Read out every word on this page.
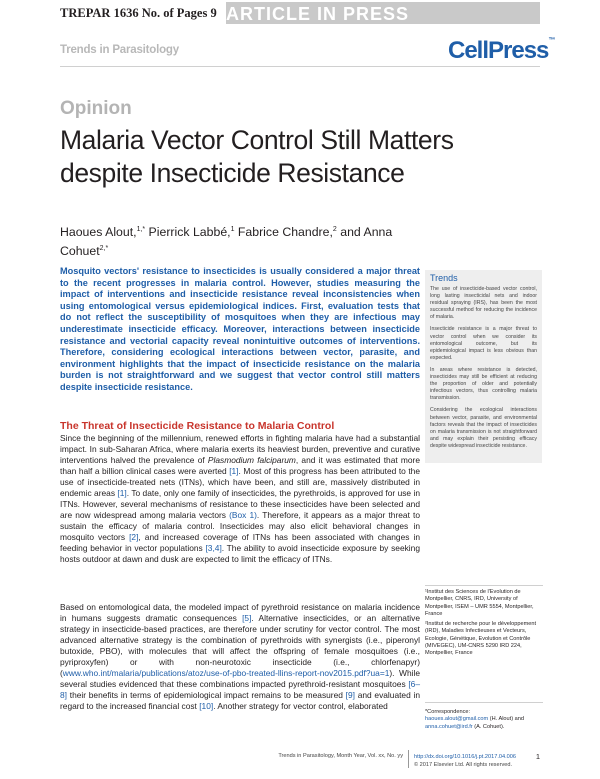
TREPAR 1636 No. of Pages 9 ARTICLE IN PRESS
Trends in Parasitology	CellPress™
Opinion
Malaria Vector Control Still Matters despite Insecticide Resistance
Haoues Alout,$^{1,*}$ Pierrick Labbé,$^1$ Fabrice Chandre,$^2$ and Anna Cohuet$^{2,*}$
Mosquito vectors' resistance to insecticides is usually considered a major threat to the recent progresses in malaria control. However, studies measuring the impact of interventions and insecticide resistance reveal inconsistencies when using entomological versus epidemiological indices. First, evaluation tests that do not reflect the susceptibility of mosquitoes when they are infectious may underestimate insecticide efficacy. Moreover, interactions between insecticide resistance and vectorial capacity reveal nonintuitive outcomes of interventions. Therefore, considering ecological interactions between vector, parasite, and environment highlights that the impact of insecticide resistance on the malaria burden is not straightforward and we suggest that vector control still matters despite insecticide resistance.
The Threat of Insecticide Resistance to Malaria Control
Since the beginning of the millennium, renewed efforts in fighting malaria have had a substantial impact. In sub-Saharan Africa, where malaria exerts its heaviest burden, preventive and curative interventions halved the prevalence of Plasmodium falciparum, and it was estimated that more than half a billion clinical cases were averted [1]. Most of this progress has been attributed to the use of insecticide-treated nets (ITNs), which have been, and still are, massively distributed in endemic areas [1]. To date, only one family of insecticides, the pyrethroids, is approved for use in ITNs. However, several mechanisms of resistance to these insecticides have been selected and are now widespread among malaria vectors (Box 1). Therefore, it appears as a major threat to sustain the efficacy of malaria control. Insecticides may also elicit behavioral changes in mosquito vectors [2], and increased coverage of ITNs has been associated with changes in feeding behavior in vector populations [3,4]. The ability to avoid insecticide exposure by seeking hosts outdoor at dawn and dusk are expected to limit the efficacy of ITNs.
Based on entomological data, the modeled impact of pyrethroid resistance on malaria incidence in humans suggests dramatic consequences [5]. Alternative insecticides, or an alternative strategy in insecticide-based practices, are therefore under scrutiny for vector control. The most advanced alternative strategy is the combination of pyrethroids with synergists (i.e., piperonyl butoxide, PBO), with molecules that will affect the offspring of female mosquitoes (i.e., pyriproxyfen) or with non-neurotoxic insecticide (i.e., chlorfenapyr) (www.who.int/malaria/publications/atoz/use-of-pbo-treated-llins-report-nov2015.pdf?ua=1). While several studies evidenced that these combinations impacted pyrethroid-resistant mosquitoes [6–8] their benefits in terms of epidemiological impact remains to be measured [9] and evaluated in regard to the increased financial cost [10]. Another strategy for vector control, elaborated
Trends

The use of insecticide-based vector control, long lasting insecticidal nets and indoor residual spraying (IRS), has been the most successful method for reducing the incidence of malaria.

Insecticide resistance is a major threat to vector control when we consider its entomological outcome, but its epidemiological impact is less obvious than expected.

In areas where resistance is detected, insecticides may still be efficient at reducing the proportion of older and potentially infectious vectors, thus controlling malaria transmission.

Considering the ecological interactions between vector, parasite, and environmental factors reveals that the impact of insecticides on malaria transmission is not straightforward and may explain their persisting efficacy despite widespread insecticide resistance.

¹Institut des Sciences de l'Evolution de Montpellier, CNRS, IRD, University of Montpellier, ISEM – UMR 5554, Montpellier, France

²Institut de recherche pour le développement (IRD), Maladies Infectieuses et Vecteurs, Ecologie, Génétique, Evolution et Contrôle (MIVEGEC), UM-CNRS 5290 IRD 224, Montpellier, France

*Correspondence:
haoues.alout@gmail.com (H. Alout) and
anna.cohuet@ird.fr (A. Cohuet).
Trends in Parasitology, Month Year, Vol. xx, No. yy http://dx.doi.org/10.1016/j.pt.2017.04.006
© 2017 Elsevier Ltd. All rights reserved.
1
